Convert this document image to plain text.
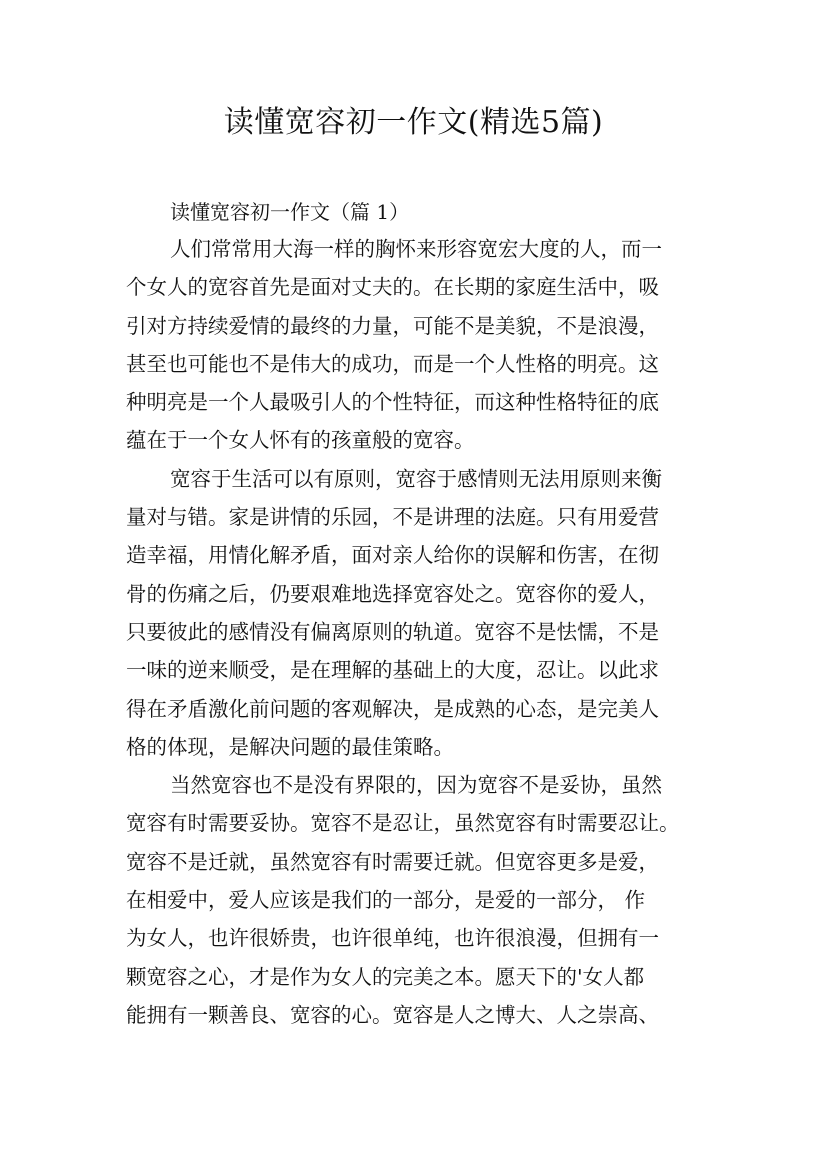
读懂宽容初一作文(精选5篇)

读懂宽容初一作文（篇 1）

人们常常用大海一样的胸怀来形容宽宏大度的人，而一
个女人的宽容首先是面对丈夫的。在长期的家庭生活中，吸
引对方持续爱情的最终的力量，可能不是美貌，不是浪漫，
甚至也可能也不是伟大的成功，而是一个人性格的明亮。这
种明亮是一个人最吸引人的个性特征，而这种性格特征的底
蕴在于一个女人怀有的孩童般的宽容。

宽容于生活可以有原则，宽容于感情则无法用原则来衡
量对与错。家是讲情的乐园，不是讲理的法庭。只有用爱营
造幸福，用情化解矛盾，面对亲人给你的误解和伤害，在彻
骨的伤痛之后，仍要艰难地选择宽容处之。宽容你的爱人，
只要彼此的感情没有偏离原则的轨道。宽容不是怯懦，不是
一味的逆来顺受，是在理解的基础上的大度，忍让。以此求
得在矛盾激化前问题的客观解决，是成熟的心态，是完美人
格的体现，是解决问题的最佳策略。

当然宽容也不是没有界限的，因为宽容不是妥协，虽然
宽容有时需要妥协。宽容不是忍让，虽然宽容有时需要忍让。
宽容不是迁就，虽然宽容有时需要迁就。但宽容更多是爱，
在相爱中，爱人应该是我们的一部分，是爱的一部分， 作
为女人，也许很娇贵，也许很单纯，也许很浪漫，但拥有一
颗宽容之心，才是作为女人的完美之本。愿天下的'女人都
能拥有一颗善良、宽容的心。宽容是人之博大、人之崇高、
